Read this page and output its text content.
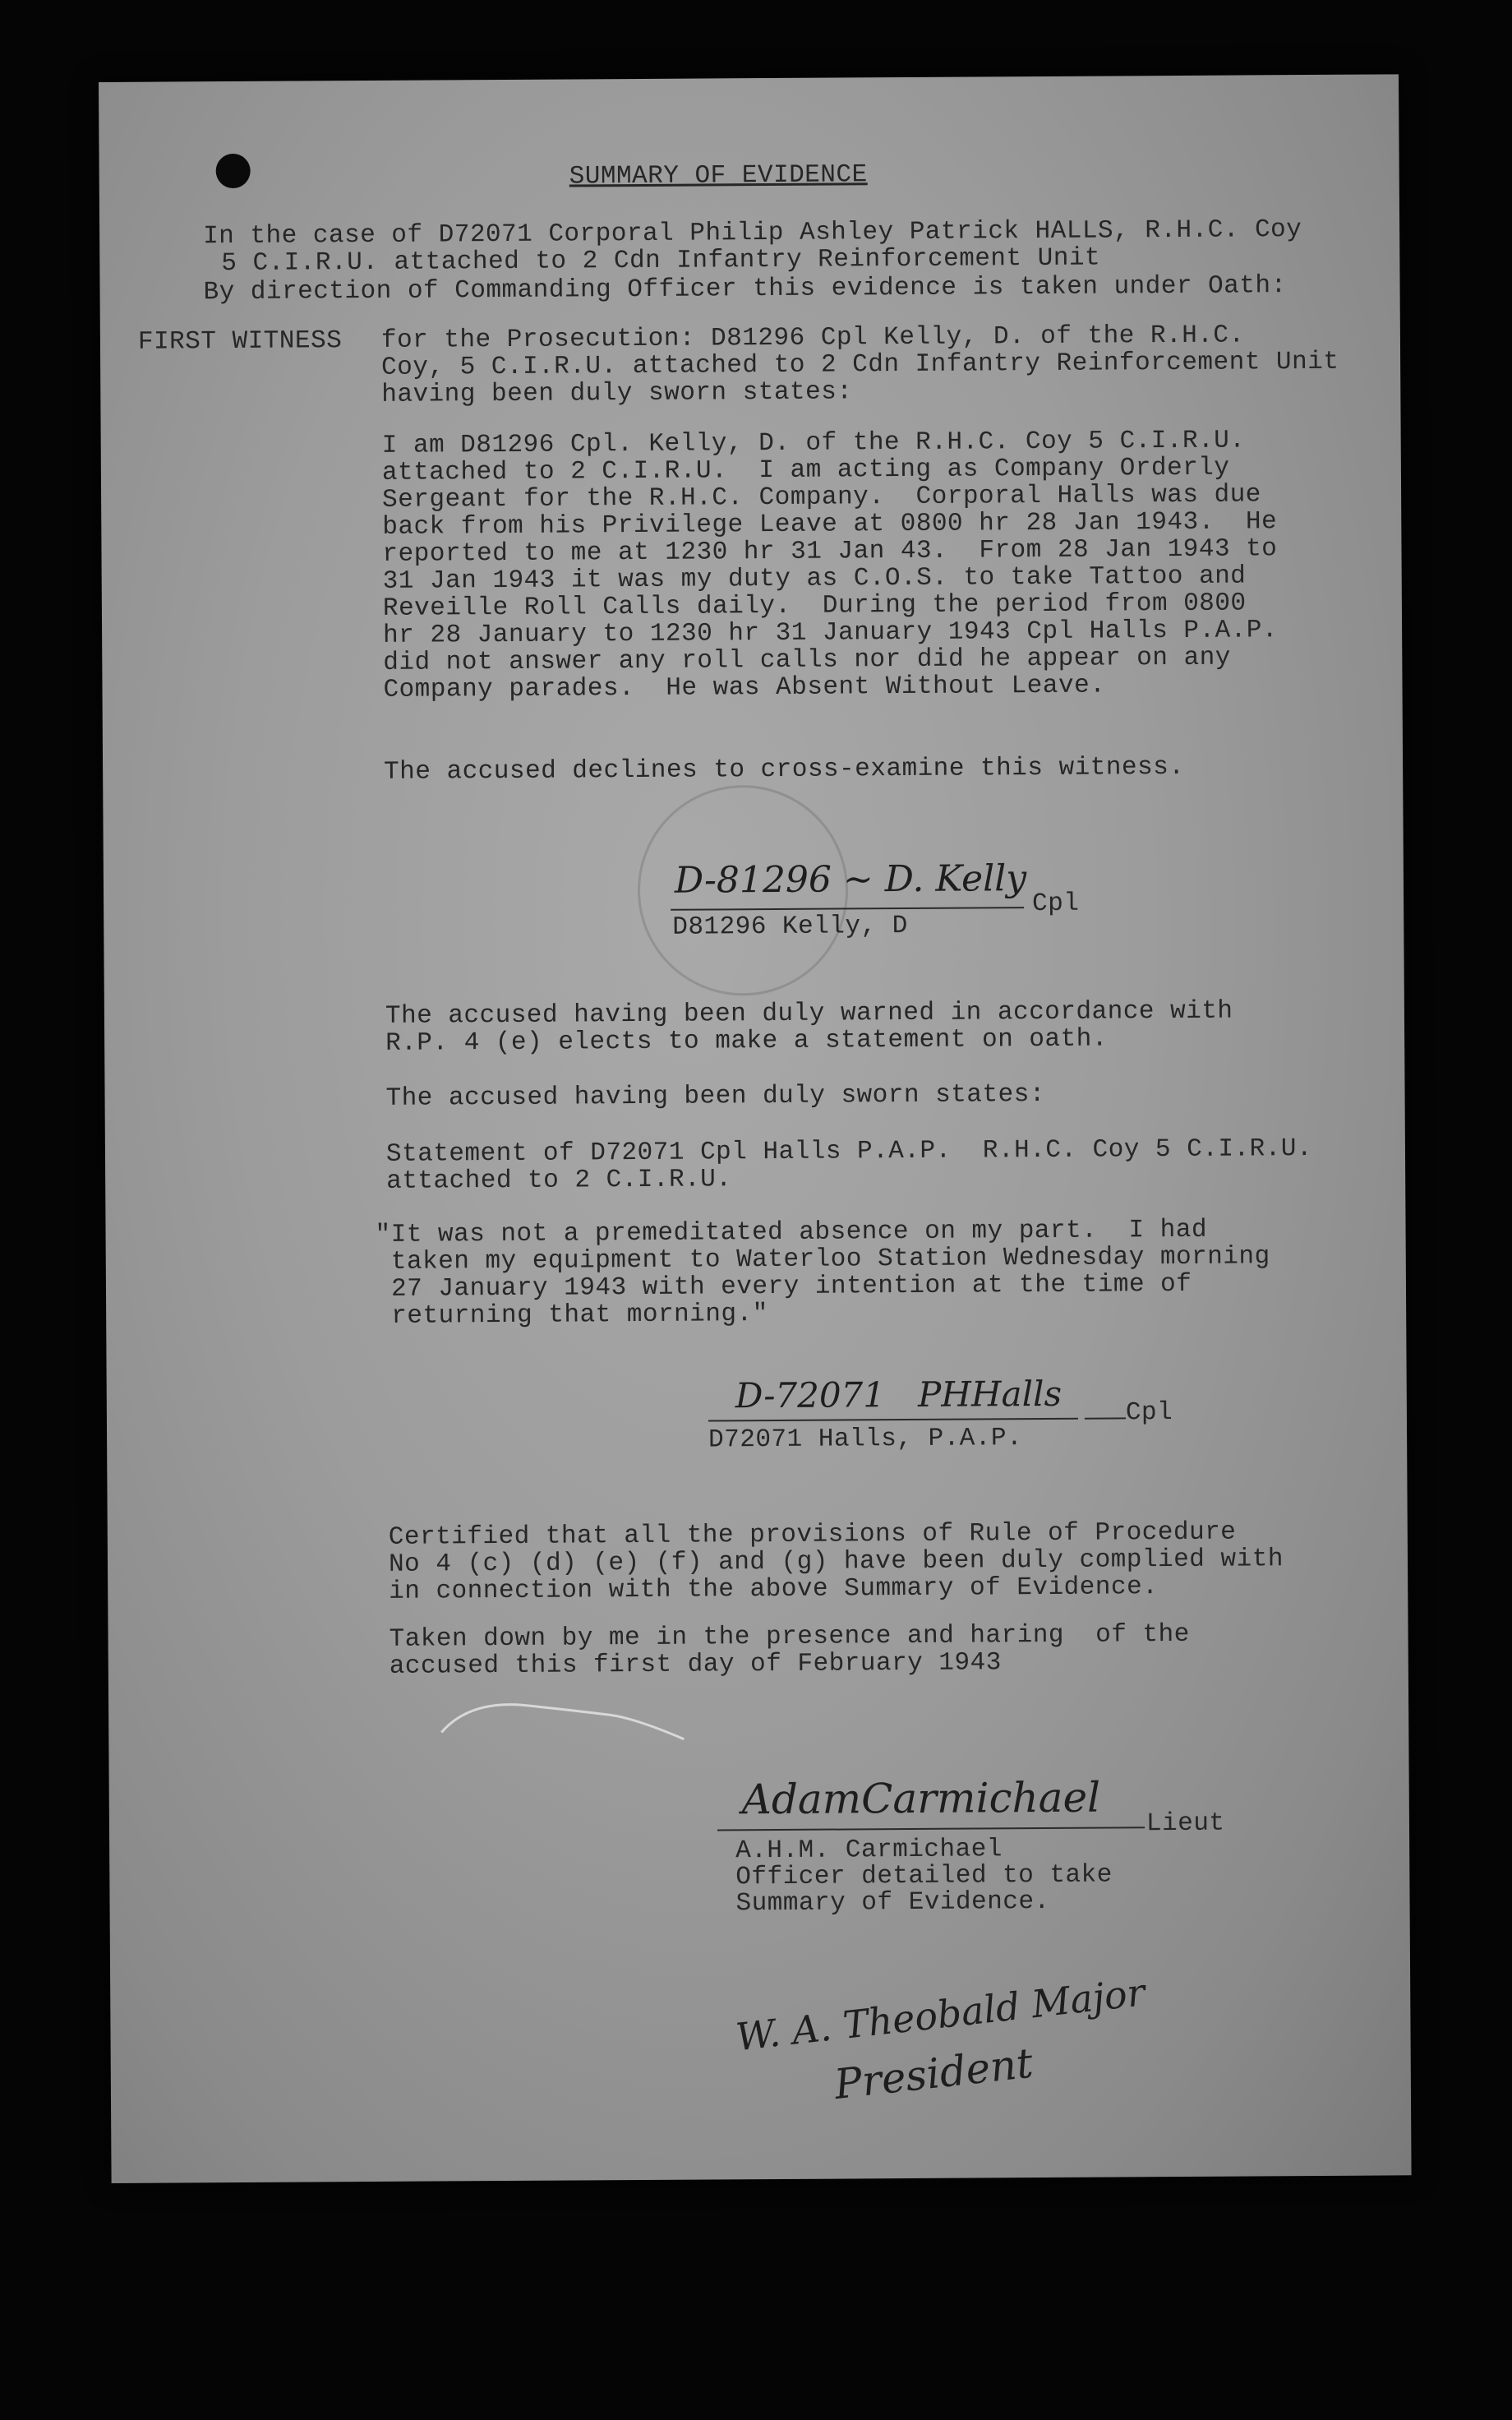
SUMMARY OF EVIDENCE
In the case of D72071 Corporal Philip Ashley Patrick HALLS, R.H.C. Coy
5 C.I.R.U. attached to 2 Cdn Infantry Reinforcement Unit
By direction of Commanding Officer this evidence is taken under Oath:
FIRST WITNESS for the Prosecution: D81296 Cpl Kelly, D. of the R.H.C.
Coy, 5 C.I.R.U. attached to 2 Cdn Infantry Reinforcement Unit
having been duly sworn states:
I am D81296 Cpl. Kelly, D. of the R.H.C. Coy 5 C.I.R.U.
attached to 2 C.I.R.U.  I am acting as Company Orderly
Sergeant for the R.H.C. Company.  Corporal Halls was due
back from his Privilege Leave at 0800 hr 28 Jan 1943.  He
reported to me at 1230 hr 31 Jan 43.  From 28 Jan 1943 to
31 Jan 1943 it was my duty as C.O.S. to take Tattoo and
Reveille Roll Calls daily.  During the period from 0800
hr 28 January to 1230 hr 31 January 1943 Cpl Halls P.A.P.
did not answer any roll calls nor did he appear on any
Company parades.  He was Absent Without Leave.
The accused declines to cross-examine this witness.
D-81296 ~ D. Kelly
Cpl
D81296 Kelly, D
The accused having been duly warned in accordance with
R.P. 4 (e) elects to make a statement on oath.
The accused having been duly sworn states:
Statement of D72071 Cpl Halls P.A.P.  R.H.C. Coy 5 C.I.R.U.
attached to 2 C.I.R.U.
"It was not a premeditated absence on my part.  I had
taken my equipment to Waterloo Station Wednesday morning
27 January 1943 with every intention at the time of
returning that morning."
D-72071   PHHalls	Cpl
D72071 Halls, P.A.P.
Certified that all the provisions of Rule of Procedure
No 4 (c) (d) (e) (f) and (g) have been duly complied with
in connection with the above Summary of Evidence.
Taken down by me in the presence and haring  of the
accused this first day of February 1943
AdamCarmichael
Lieut
A.H.M. Carmichael
Officer detailed to take
Summary of Evidence.
W. A. Theobald Major
President
